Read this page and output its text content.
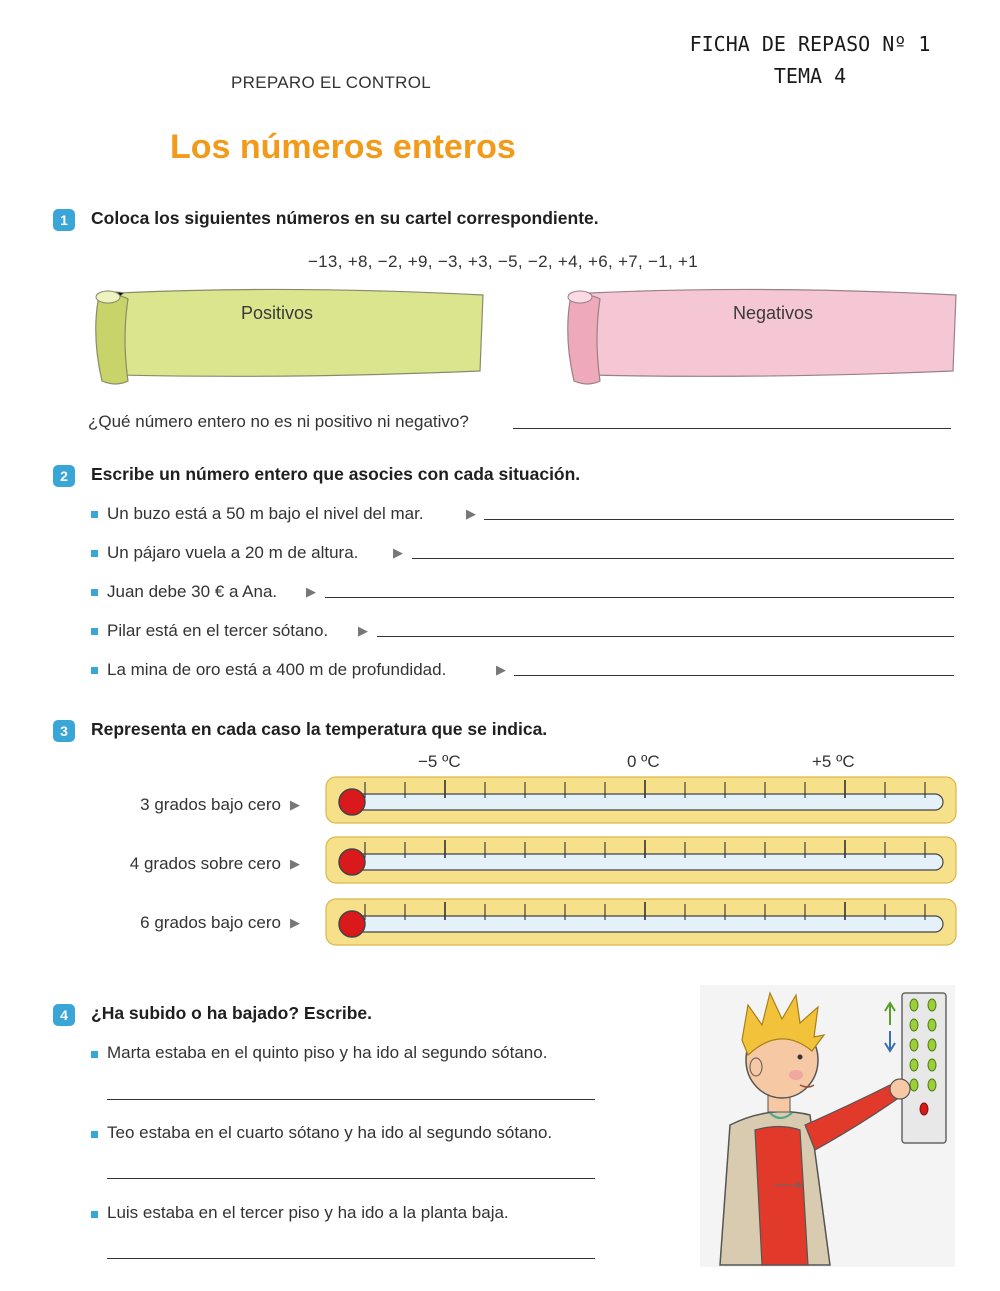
FICHA DE REPASO Nº 1
TEMA 4
PREPARO EL CONTROL
Los números enteros
1	Coloca los siguientes números en su cartel correspondiente.
−13, +8, −2, +9, −3, +3, −5, −2, +4, +6, +7, −1, +1
Positivos	Negativos
¿Qué número entero no es ni positivo ni negativo?
2	Escribe un número entero que asocies con cada situación.
Un buzo está a 50 m bajo el nivel del mar.	▶
Un pájaro vuela a 20 m de altura.	▶
Juan debe 30 € a Ana. ▶
Pilar está en el tercer sótano. ▶
La mina de oro está a 400 m de profundidad.	▶
3	Representa en cada caso la temperatura que se indica.
−5 ºC	0 ºC	+5 ºC
3 grados bajo cero ▶
4 grados sobre cero ▶
6 grados bajo cero ▶
4	¿Ha subido o ha bajado? Escribe.
Marta estaba en el quinto piso y ha ido al segundo sótano.
Teo estaba en el cuarto sótano y ha ido al segundo sótano.
Luis estaba en el tercer piso y ha ido a la planta baja.
